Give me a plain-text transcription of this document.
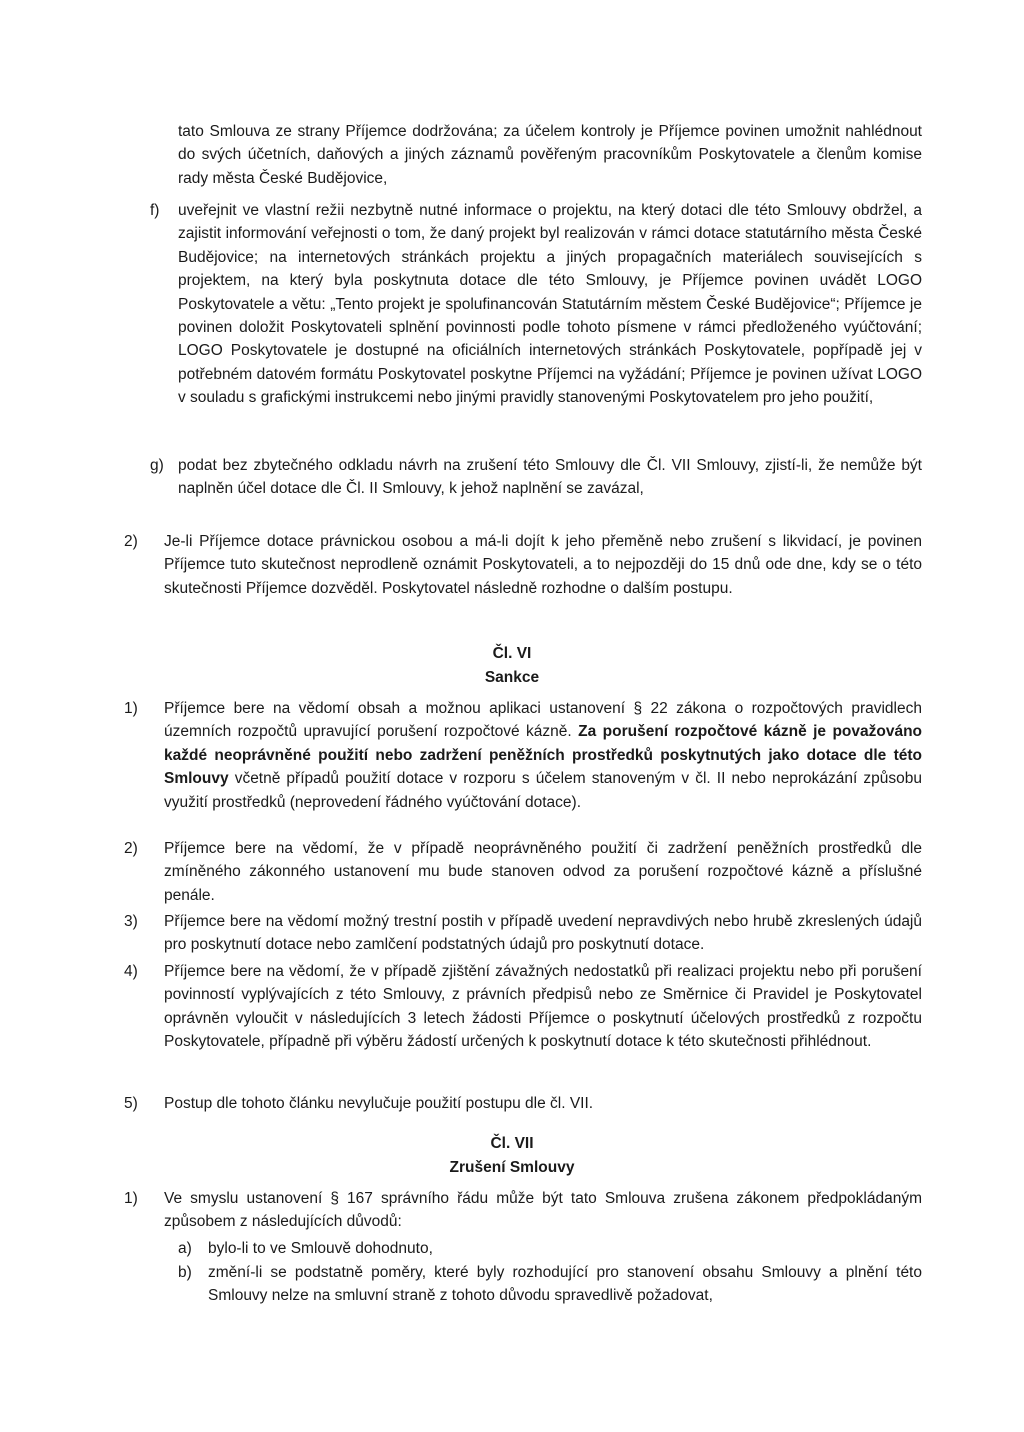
tato Smlouva ze strany Příjemce dodržována; za účelem kontroly je Příjemce povinen umožnit nahlédnout do svých účetních, daňových a jiných záznamů pověřeným pracovníkům Poskytovatele a členům komise rady města České Budějovice,

f) uveřejnit ve vlastní režii nezbytně nutné informace o projektu, na který dotaci dle této Smlouvy obdržel, a zajistit informování veřejnosti o tom, že daný projekt byl realizován v rámci dotace statutárního města České Budějovice; na internetových stránkách projektu a jiných propagačních materiálech souvisejících s projektem, na který byla poskytnuta dotace dle této Smlouvy, je Příjemce povinen uvádět LOGO Poskytovatele a větu: „Tento projekt je spolufinancován Statutárním městem České Budějovice“; Příjemce je povinen doložit Poskytovateli splnění povinnosti podle tohoto písmene v rámci předloženého vyúčtování; LOGO Poskytovatele je dostupné na oficiálních internetových stránkách Poskytovatele, popřípadě jej v potřebném datovém formátu Poskytovatel poskytne Příjemci na vyžádání; Příjemce je povinen užívat LOGO v souladu s grafickými instrukcemi nebo jinými pravidly stanovenými Poskytovatelem pro jeho použití,

g) podat bez zbytečného odkladu návrh na zrušení této Smlouvy dle Čl. VII Smlouvy, zjistí-li, že nemůže být naplněn účel dotace dle Čl. II Smlouvy, k jehož naplnění se zavázal,

2) Je-li Příjemce dotace právnickou osobou a má-li dojít k jeho přeměně nebo zrušení s likvidací, je povinen Příjemce tuto skutečnost neprodleně oznámit Poskytovateli, a to nejpozději do 15 dnů ode dne, kdy se o této skutečnosti Příjemce dozvěděl. Poskytovatel následně rozhodne o dalším postupu.

Čl. VI

Sankce

1) Příjemce bere na vědomí obsah a možnou aplikaci ustanovení § 22 zákona o rozpočtových pravidlech územních rozpočtů upravující porušení rozpočtové kázně. Za porušení rozpočtové kázně je považováno každé neoprávněné použití nebo zadržení peněžních prostředků poskytnutých jako dotace dle této Smlouvy včetně případů použití dotace v rozporu s účelem stanoveným v čl. II nebo neprokázání způsobu využití prostředků (neprovedení řádného vyúčtování dotace).

2) Příjemce bere na vědomí, že v případě neoprávněného použití či zadržení peněžních prostředků dle zmíněného zákonného ustanovení mu bude stanoven odvod za porušení rozpočtové kázně a příslušné penále.

3) Příjemce bere na vědomí možný trestní postih v případě uvedení nepravdivých nebo hrubě zkreslených údajů pro poskytnutí dotace nebo zamlčení podstatných údajů pro poskytnutí dotace.

4) Příjemce bere na vědomí, že v případě zjištění závažných nedostatků při realizaci projektu nebo při porušení povinností vyplývajících z této Smlouvy, z právních předpisů nebo ze Směrnice či Pravidel je Poskytovatel oprávněn vyloučit v následujících 3 letech žádosti Příjemce o poskytnutí účelových prostředků z rozpočtu Poskytovatele, případně při výběru žádostí určených k poskytnutí dotace k této skutečnosti přihlédnout.

5) Postup dle tohoto článku nevylučuje použití postupu dle čl. VII.

Čl. VII

Zrušení Smlouvy

1) Ve smyslu ustanovení § 167 správního řádu může být tato Smlouva zrušena zákonem předpokládaným způsobem z následujících důvodů:

a) bylo-li to ve Smlouvě dohodnuto,

b) změní-li se podstatně poměry, které byly rozhodující pro stanovení obsahu Smlouvy a plnění této Smlouvy nelze na smluvní straně z tohoto důvodu spravedlivě požadovat,
